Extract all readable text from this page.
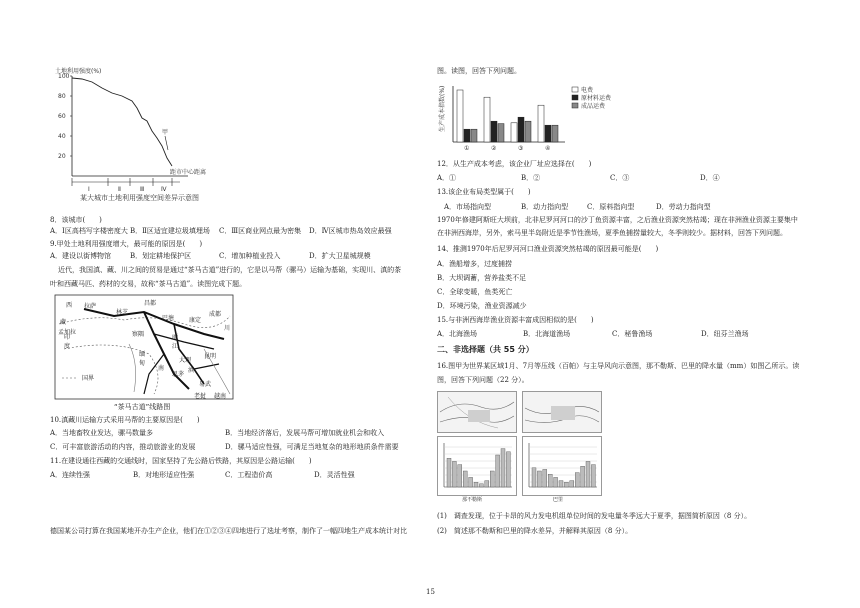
土地利用强度(%)
100
80
60
40
20
甲
距市中心距离
Ⅰ	Ⅱ	Ⅲ	Ⅳ
某大城市土地利用强度空间差异示意图
8．该城市(　　)
A．Ⅰ区高档写字楼密度大 B．Ⅱ区适宜建垃圾填埋场 C．Ⅲ区商业网点最为密集 D．Ⅳ区城市热岛效应最强
9.甲处土地利用强度增大，最可能的原因是(　　)
A．建设以街博物馆	B．划定耕地保护区	C．增加种植业投入	D．扩大卫星城规模
近代，我国滇、藏、川之间的贸易是通过“茶马古道”进行的，它是以马帮（骡马）运输为基础，实现川、滇的茶
叶和西藏马匹、药材的交易，故称“茶马古道”。读图完成下题。
西 拉萨
藏
林芝
昌都
巴塘 康定
成都
川
察隅	丽
江
昆明
大理
缅
甸
思茅
老挝 越南
南	滇
易武
印
度
孟加拉
国界
“茶马古道”线路图
10.滇藏川运输方式采用马帮的主要原因是(　　)
A．当地畜牧业发达，骡马数量多	B．当地经济落后，发展马帮可增加就业机会和收入
C．可丰富旅游活动的内容，推动旅游业的发展	D．骡马适应性强，可满足当地复杂的地形地质条件需要
11.在建设通往西藏的交通线时，国家坚持了先公路后铁路，其原因是公路运输(　　)
A．连续性强	B．对地形适应性强	C．工程造价高	D．灵活性强
德国某公司打算在我国某地开办生产企业，他们在①②③④四地进行了选址考察，制作了一幅四地生产成本统计对比
图。读图，回答下列问题。
生产成本指数(%)
①	②	③	④
电费
原材料运费
成品运费
12．从生产成本考虑，该企业厂址应选择在(　　)
A．①	B．②	C．③	D．④
13.该企业布局类型属于(　　)
A．市场指向型	B．动力指向型	C．原料指向型	D．劳动力指向型
1970年修建阿斯旺大坝前，北非尼罗河河口的沙丁鱼资源丰富，之后渔业资源突然枯竭；现在非洲渔业资源主要集中
在非洲西海岸，另外，索马里半岛附近是季节性渔场，夏季鱼捕捞量较大，冬季则较少。据材料，回答下列问题。
14、推测1970年后尼罗河河口渔业资源突然枯竭的原因最可能是(　　)
A．渔船增多，过度捕捞
B．大坝调蓄，营养盐类不足
C．全球变暖，鱼类死亡
D．环境污染，渔业资源减少
15.与非洲西海岸渔业资源丰富成因相似的是(　　)
A．北海渔场	B．北海道渔场	C．秘鲁渔场	D．纽芬兰渔场
二、非选择题（共 55 分）
16.图甲为世界某区域1月、7月等压线（百帕）与主导风向示意图，那不勒斯、巴里的降水量（mm）如图乙所示。读
图，回答下列问题（22 分）。
那不勒斯	巴里
(1)　调查发现，位于卡昂的风力发电机组单位时间的发电量冬季远大于夏季，据图简析原因（8 分）。
(2)　简述那不勒斯和巴里的降水差异，并解释其原因（8 分）。
15
